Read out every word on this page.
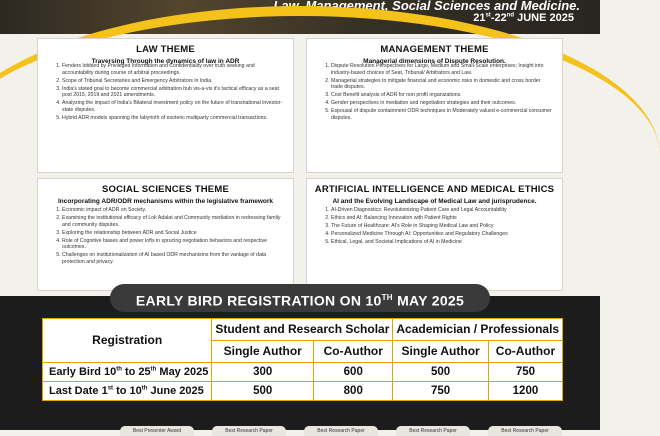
Law, Management, Social Sciences and Medicine.
21st-22nd JUNE 2025
LAW THEME
Traversing Through the dynamics of law in ADR
1. Fenders lobbied by Privileged Information and Confidentiality over truth seeking and accountability during course of arbitral proceedings.
2. Scope of Tribunal Secretaries and Emergency Arbitrators in India.
3. India's stated goal to become commercial arbitration hub vis-a-vis it's tactical efficacy as a seat post 2015, 2019 and 2021 amendments.
4. Analyzing the impact of India's Bilateral investment policy on the future of transnational investor- state disputes.
5. Hybrid ADR models spanning the labyrinth of esoteric multiparty commercial transactions.
MANAGEMENT THEME
Managerial dimensions of Dispute Resolution.
1. Dispute Resolution Perspectives for Large, Medium and Small-Scale enterprises; Insight into industry-based choices of Seat, Tribunal/ Arbitrators and Law.
2. Managerial strategies to mitigate financial and economic risks in domestic and cross border trade disputes.
3. Cost Benefit analysis of ADR for non profit organizations.
4. Gender perspectives in mediation and negotiation strategies and their outcomes.
5. Espousal of dispute containment ODR techniques in Moderately valued e-commercial consumer disputes.
SOCIAL SCIENCES THEME
Incorporating ADR/ODR mechanisms within the legislative framework
1. Economic impact of ADR on Society.
2. Examining the institutional efficacy of Lok Adalat and Community mediation in redressing family and community disputes.
3. Exploring the relationship between ADR and Social Justice
4. Role of Cognitive biases and power lofts in sprucing negotiation behaviors and respective outcomes.
5. Challenges on institutionalization of AI based ODR mechanisms from the vantage of data protection and privacy.
ARTIFICIAL INTELLIGENCE AND MEDICAL ETHICS
AI and the Evolving Landscape of Medical Law and jurisprudence.
1. AI-Driven Diagnostics: Revolutionizing Patient Care and Legal Accountability
2. Ethics and AI: Balancing Innovation with Patient Rights
3. The Future of Healthcare: AI's Role in Shaping Medical Law and Policy
4. Personalized Medicine Through AI: Opportunities and Regulatory Challenges
5. Ethical, Legal, and Societal Implications of AI in Medicine
EARLY BIRD REGISTRATION ON 10TH MAY 2025
Registration	Student and Research Scholar		Academician / Professionals	
	Single Author	Co-Author	Single Author	Co-Author
Early Bird 10th to 25th May 2025	300	600	500	750
Last Date 1st to 10th June 2025	500	800	750	1200
Best Presenter Award	Best Research Paper	Best Research Paper	Best Research Paper	Best Research Paper
